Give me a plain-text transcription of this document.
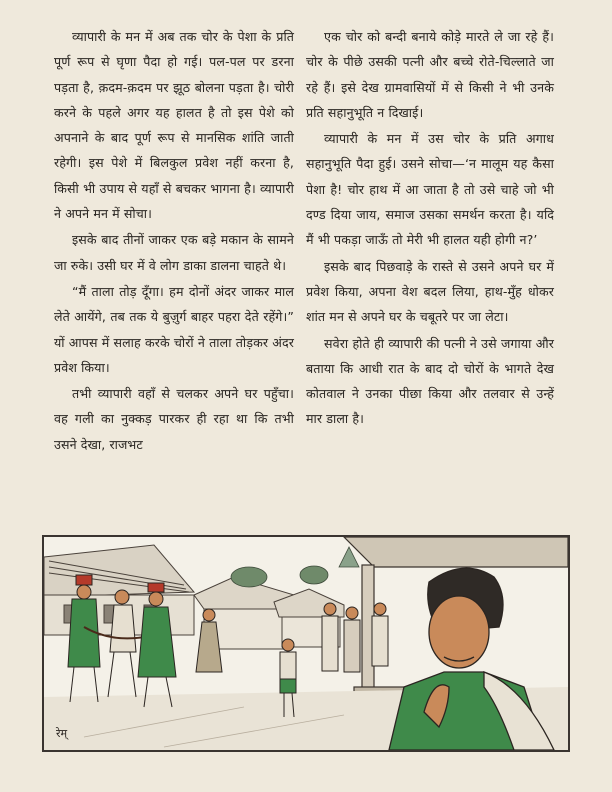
व्यापारी के मन में अब तक चोर के पेशा के प्रति पूर्ण रूप से घृणा पैदा हो गई। पल-पल पर डरना पड़ता है, क़दम-क़दम पर झूठ बोलना पड़ता है। चोरी करने के पहले अगर यह हालत है तो इस पेशे को अपनाने के बाद पूर्ण रूप से मानसिक शांति जाती रहेगी। इस पेशे में बिलकुल प्रवेश नहीं करना है, किसी भी उपाय से यहाँ से बचकर भागना है। व्यापारी ने अपने मन में सोचा।

इसके बाद तीनों जाकर एक बड़े मकान के सामने जा रुके। उसी घर में वे लोग डाका डालना चाहते थे।

“मैं ताला तोड़ दूँगा। हम दोनों अंदर जाकर माल लेते आयेंगे, तब तक ये बुज़ुर्ग बाहर पहरा देते रहेंगे।” यों आपस में सलाह करके चोरों ने ताला तोड़कर अंदर प्रवेश किया।

तभी व्यापारी वहाँ से चलकर अपने घर पहुँचा। वह गली का नुक्कड़ पारकर ही रहा था कि तभी उसने देखा, राजभट

एक चोर को बन्दी बनाये कोड़े मारते ले जा रहे हैं। चोर के पीछे उसकी पत्नी और बच्चे रोते-चिल्लाते जा रहे हैं। इसे देख ग्रामवासियों में से किसी ने भी उनके प्रति सहानुभूति न दिखाई।

व्यापारी के मन में उस चोर के प्रति अगाध सहानुभूति पैदा हुई। उसने सोचा—‘न मालूम यह कैसा पेशा है! चोर हाथ में आ जाता है तो उसे चाहे जो भी दण्ड दिया जाय, समाज उसका समर्थन करता है। यदि मैं भी पकड़ा जाऊँ तो मेरी भी हालत यही होगी न?’

इसके बाद पिछवाड़े के रास्ते से उसने अपने घर में प्रवेश किया, अपना वेश बदल लिया, हाथ-मुँह धोकर शांत मन से अपने घर के चबूतरे पर जा लेटा।

सवेरा होते ही व्यापारी की पत्नी ने उसे जगाया और बताया कि आधी रात के बाद दो चोरों के भागते देख कोतवाल ने उनका पीछा किया और तलवार से उन्हें मार डाला है।

रेम्
